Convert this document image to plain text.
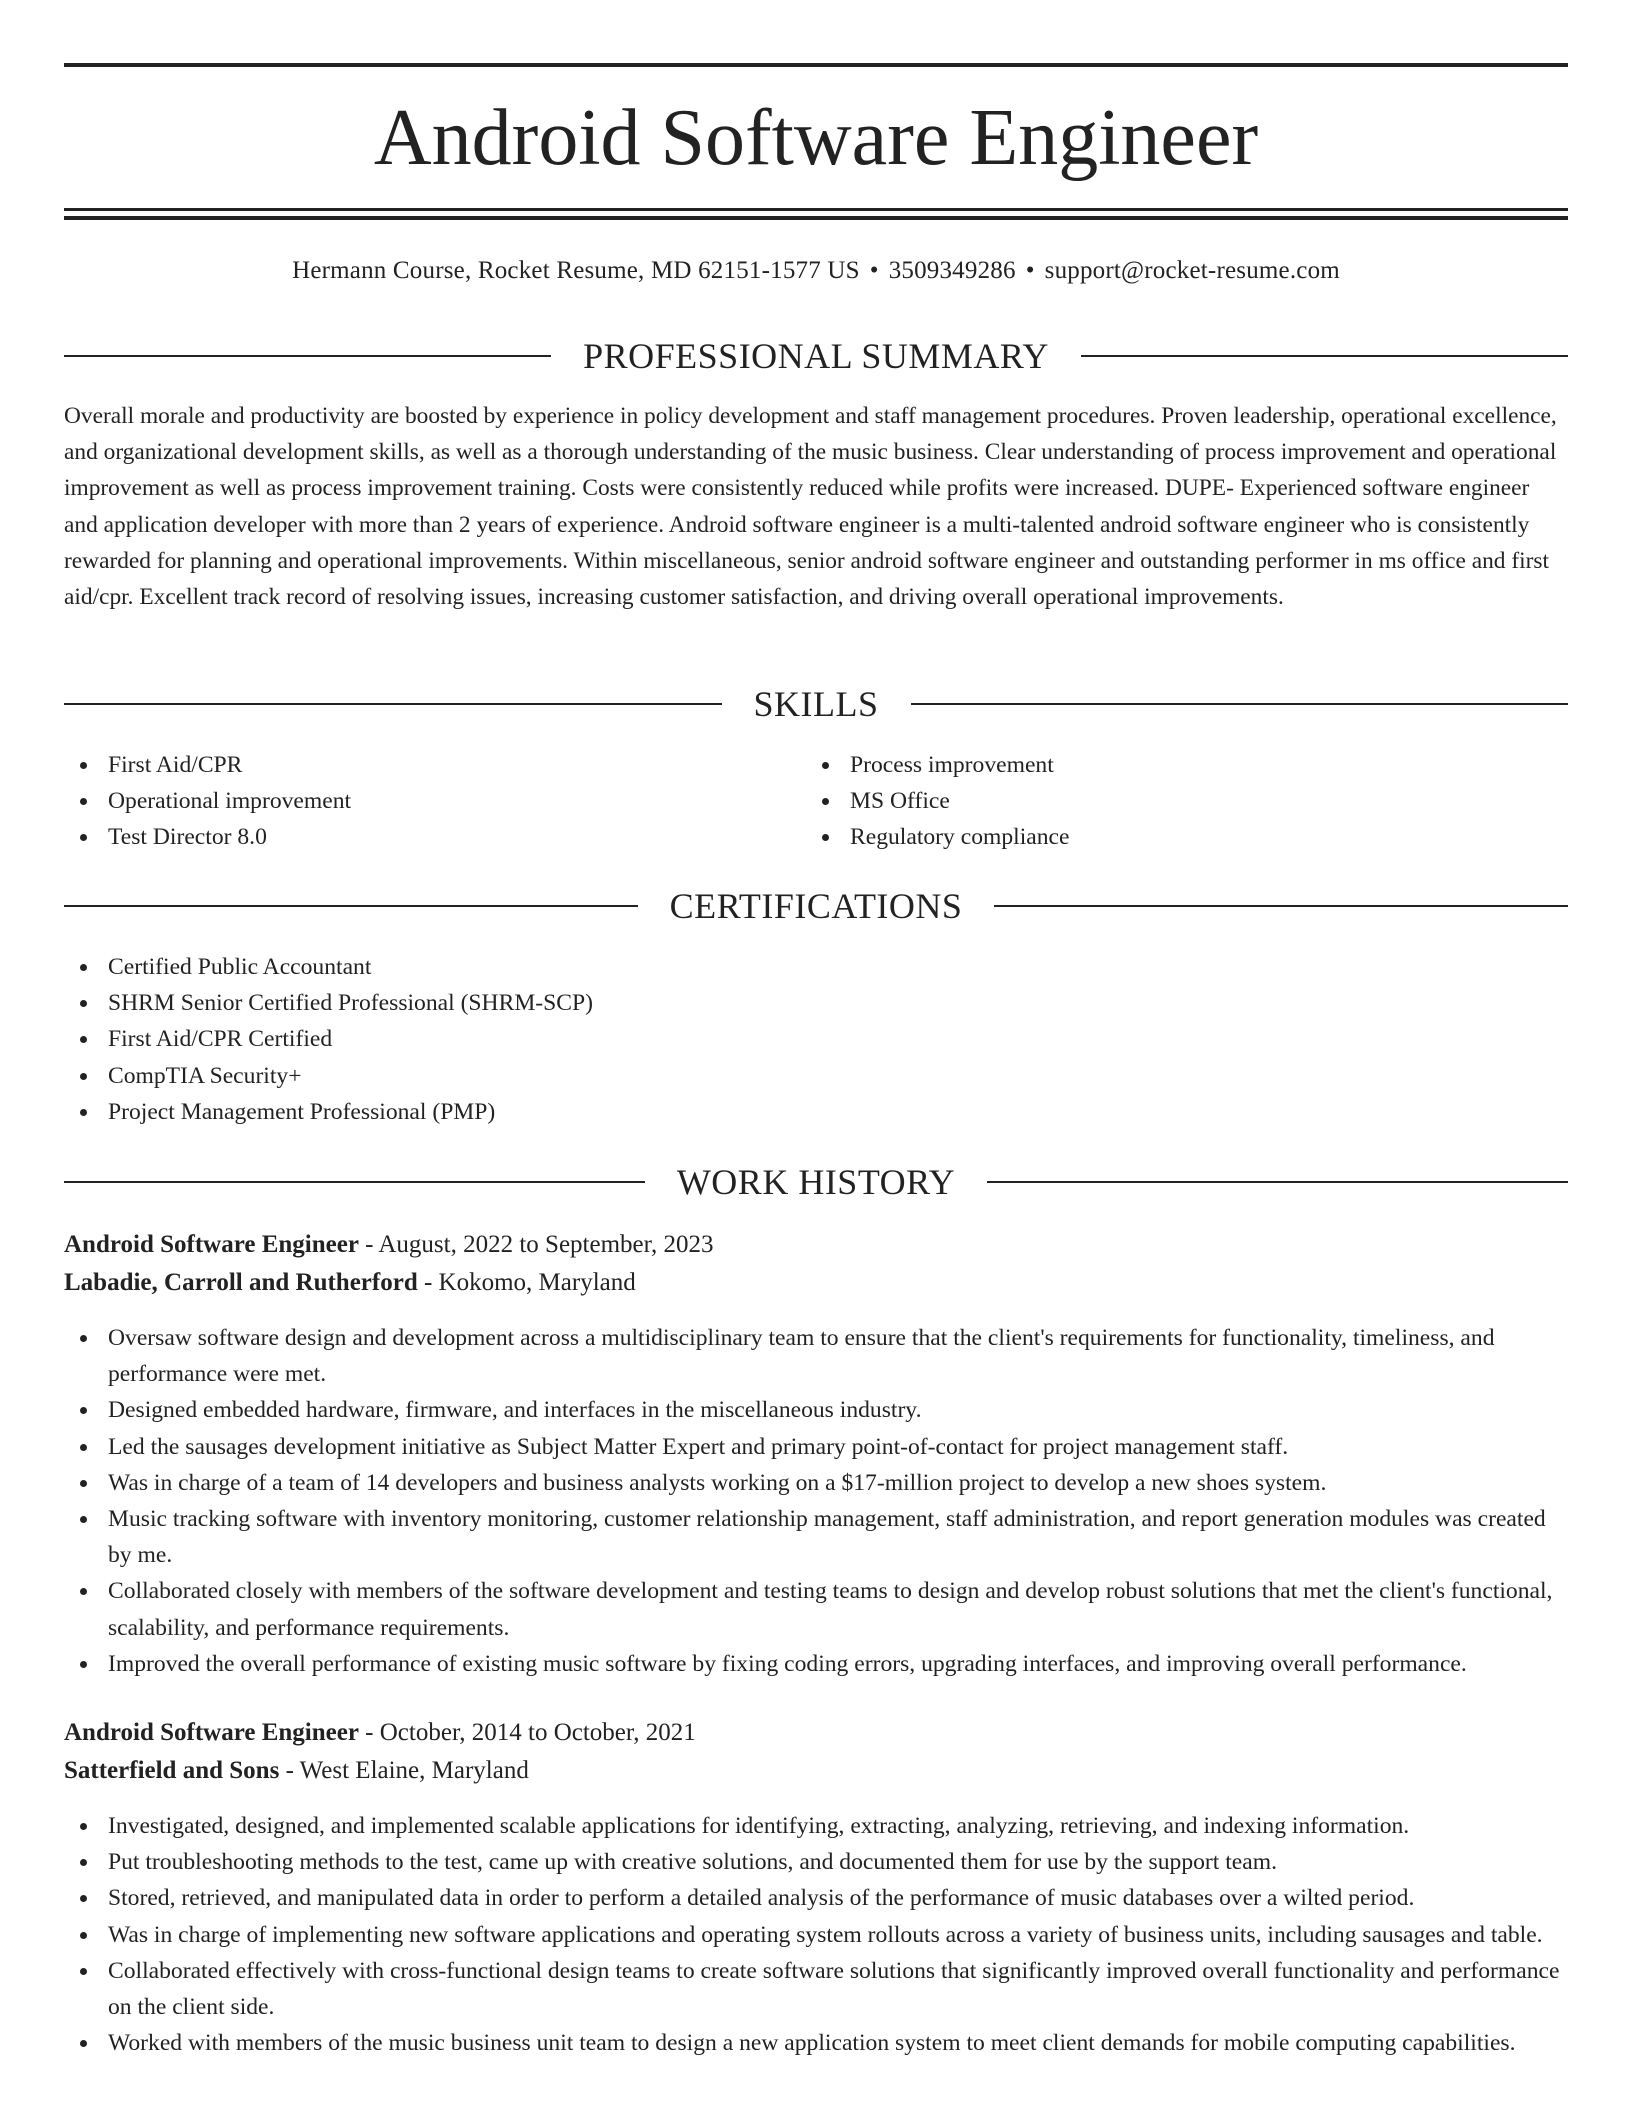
Android Software Engineer
Hermann Course, Rocket Resume, MD 62151-1577 US • 3509349286 • support@rocket-resume.com
PROFESSIONAL SUMMARY

Overall morale and productivity are boosted by experience in policy development and staff management procedures. Proven leadership, operational excellence, and organizational development skills, as well as a thorough understanding of the music business. Clear understanding of process improvement and operational improvement as well as process improvement training. Costs were consistently reduced while profits were increased. DUPE- Experienced software engineer and application developer with more than 2 years of experience. Android software engineer is a multi-talented android software engineer who is consistently rewarded for planning and operational improvements. Within miscellaneous, senior android software engineer and outstanding performer in ms office and first aid/cpr. Excellent track record of resolving issues, increasing customer satisfaction, and driving overall operational improvements.

SKILLS
First Aid/CPR
Operational improvement
Test Director 8.0
Process improvement
MS Office
Regulatory compliance
CERTIFICATIONS
Certified Public Accountant
SHRM Senior Certified Professional (SHRM-SCP)
First Aid/CPR Certified
CompTIA Security+
Project Management Professional (PMP)
WORK HISTORY
Android Software Engineer - August, 2022 to September, 2023
Labadie, Carroll and Rutherford - Kokomo, Maryland
Oversaw software design and development across a multidisciplinary team to ensure that the client's requirements for functionality, timeliness, and performance were met.
Designed embedded hardware, firmware, and interfaces in the miscellaneous industry.
Led the sausages development initiative as Subject Matter Expert and primary point-of-contact for project management staff.
Was in charge of a team of 14 developers and business analysts working on a $17-million project to develop a new shoes system.
Music tracking software with inventory monitoring, customer relationship management, staff administration, and report generation modules was created by me.
Collaborated closely with members of the software development and testing teams to design and develop robust solutions that met the client's functional, scalability, and performance requirements.
Improved the overall performance of existing music software by fixing coding errors, upgrading interfaces, and improving overall performance.
Android Software Engineer - October, 2014 to October, 2021
Satterfield and Sons - West Elaine, Maryland
Investigated, designed, and implemented scalable applications for identifying, extracting, analyzing, retrieving, and indexing information.
Put troubleshooting methods to the test, came up with creative solutions, and documented them for use by the support team.
Stored, retrieved, and manipulated data in order to perform a detailed analysis of the performance of music databases over a wilted period.
Was in charge of implementing new software applications and operating system rollouts across a variety of business units, including sausages and table.
Collaborated effectively with cross-functional design teams to create software solutions that significantly improved overall functionality and performance on the client side.
Worked with members of the music business unit team to design a new application system to meet client demands for mobile computing capabilities.
